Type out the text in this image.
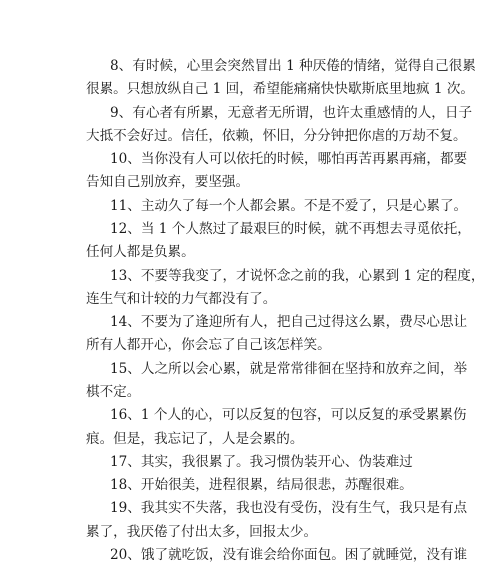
8、有时候，心里会突然冒出 1 种厌倦的情绪，觉得自己很累

很累。只想放纵自己 1 回，希望能痛痛快快歇斯底里地疯 1 次。

9、有心者有所累，无意者无所谓，也许太重感情的人，日子

大抵不会好过。信任，依赖，怀旧，分分钟把你虐的万劫不复。

10、当你没有人可以依托的时候，哪怕再苦再累再痛，都要

告知自己别放弃，要坚强。

11、主动久了每一个人都会累。不是不爱了，只是心累了。

12、当 1 个人熬过了最艰巨的时候，就不再想去寻觅依托，

任何人都是负累。

13、不要等我变了，才说怀念之前的我，心累到 1 定的程度，

连生气和计较的力气都没有了。

14、不要为了逢迎所有人，把自己过得这么累，费尽心思让

所有人都开心，你会忘了自己该怎样笑。

15、人之所以会心累，就是常常徘徊在坚持和放弃之间，举

棋不定。

16、1 个人的心，可以反复的包容，可以反复的承受累累伤

痕。但是，我忘记了，人是会累的。

17、其实，我很累了。我习惯伪装开心、伪装难过

18、开始很美，进程很累，结局很悲，苏醒很难。

19、我其实不失落，我也没有受伤，没有生气，我只是有点

累了，我厌倦了付出太多，回报太少。

20、饿了就吃饭，没有谁会给你面包。困了就睡觉，没有谁
